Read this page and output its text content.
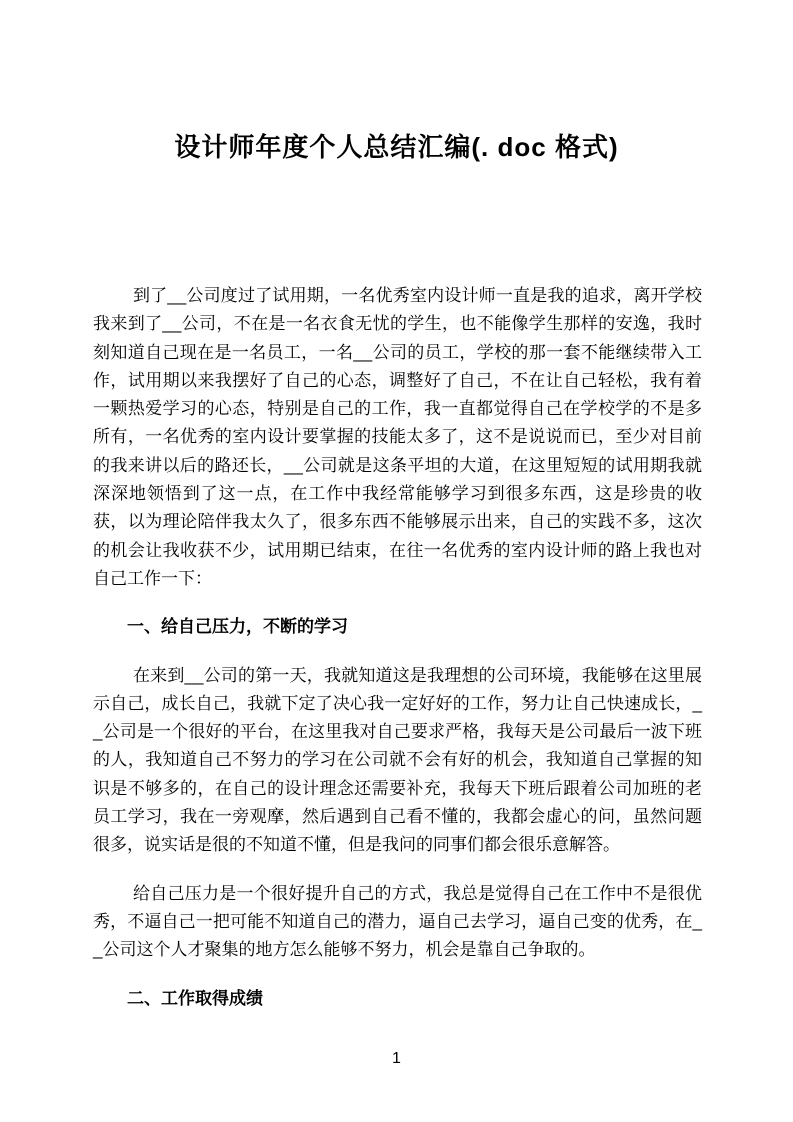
设计师年度个人总结汇编(. doc 格式)

到了__公司度过了试用期，一名优秀室内设计师一直是我的追求，离开学校我来到了__公司，不在是一名衣食无忧的学生，也不能像学生那样的安逸，我时刻知道自己现在是一名员工，一名__公司的员工，学校的那一套不能继续带入工作，试用期以来我摆好了自己的心态，调整好了自己，不在让自己轻松，我有着一颗热爱学习的心态，特别是自己的工作，我一直都觉得自己在学校学的不是多所有，一名优秀的室内设计要掌握的技能太多了，这不是说说而已，至少对目前的我来讲以后的路还长，__公司就是这条平坦的大道，在这里短短的试用期我就深深地领悟到了这一点，在工作中我经常能够学习到很多东西，这是珍贵的收获，以为理论陪伴我太久了，很多东西不能够展示出来，自己的实践不多，这次的机会让我收获不少，试用期已结束，在往一名优秀的室内设计师的路上我也对自己工作一下：

一、给自己压力，不断的学习

在来到__公司的第一天，我就知道这是我理想的公司环境，我能够在这里展示自己，成长自己，我就下定了决心我一定好好的工作，努力让自己快速成长，__公司是一个很好的平台，在这里我对自己要求严格，我每天是公司最后一波下班的人，我知道自己不努力的学习在公司就不会有好的机会，我知道自己掌握的知识是不够多的，在自己的设计理念还需要补充，我每天下班后跟着公司加班的老员工学习，我在一旁观摩，然后遇到自己看不懂的，我都会虚心的问，虽然问题很多，说实话是很的不知道不懂，但是我问的同事们都会很乐意解答。

给自己压力是一个很好提升自己的方式，我总是觉得自己在工作中不是很优秀，不逼自己一把可能不知道自己的潜力，逼自己去学习，逼自己变的优秀，在__公司这个人才聚集的地方怎么能够不努力，机会是靠自己争取的。

二、工作取得成绩

1
